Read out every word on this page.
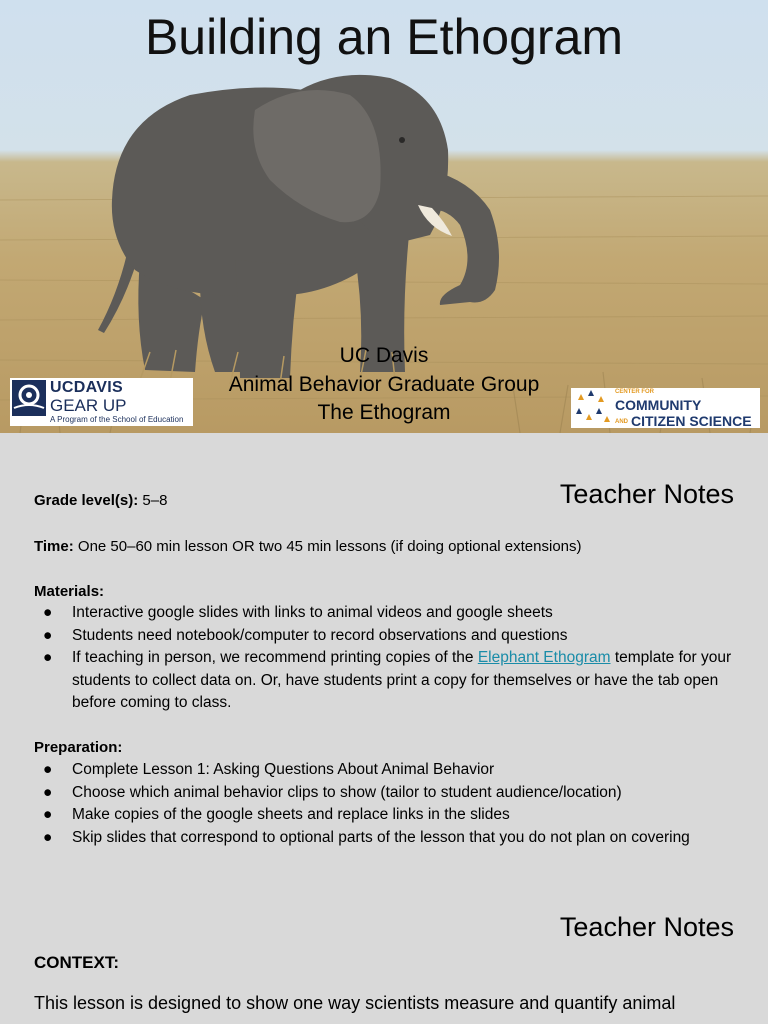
Building an Ethogram
UC Davis
Animal Behavior Graduate Group
The Ethogram
UCDAVIS
GEAR UP
A Program of the School of Education
CENTER FOR
COMMUNITY
AND CITIZEN SCIENCE
Teacher Notes
Grade level(s): 5–8
Time: One 50–60 min lesson OR two 45 min lessons (if doing optional extensions)
Materials:
● Interactive google slides with links to animal videos and google sheets
● Students need notebook/computer to record observations and questions
● If teaching in person, we recommend printing copies of the Elephant Ethogram template for your students to collect data on. Or, have students print a copy for themselves or have the tab open before coming to class.
Preparation:
● Complete Lesson 1: Asking Questions About Animal Behavior
● Choose which animal behavior clips to show (tailor to student audience/location)
● Make copies of the google sheets and replace links in the slides
● Skip slides that correspond to optional parts of the lesson that you do not plan on covering
Teacher Notes
CONTEXT:
This lesson is designed to show one way scientists measure and quantify animal
